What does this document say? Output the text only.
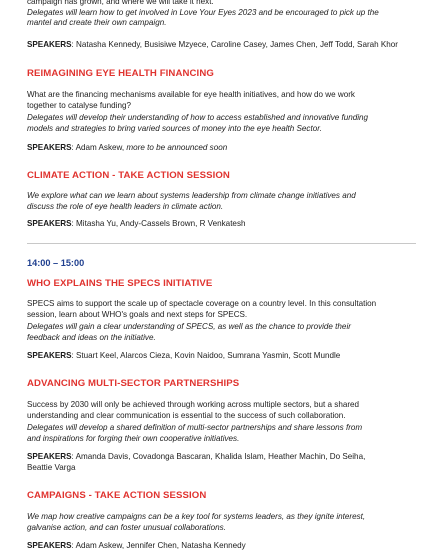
campaign has grown, and where we will take it next.

Delegates will learn how to get involved in Love Your Eyes 2023 and be encouraged to pick up the

mantel and create their own campaign.

SPEAKERS: Natasha Kennedy, Busisiwe Mzyece, Caroline Casey, James Chen, Jeff Todd, Sarah Khor

REIMAGINING EYE HEALTH FINANCING

What are the financing mechanisms available for eye health initiatives, and how do we work

together to catalyse funding?

Delegates will develop their understanding of how to access established and innovative funding

models and strategies to bring varied sources of money into the eye health Sector.

SPEAKERS: Adam Askew, more to be announced soon

CLIMATE ACTION - TAKE ACTION SESSION

We explore what can we learn about systems leadership from climate change initiatives and

discuss the role of eye health leaders in climate action.

SPEAKERS: Mitasha Yu, Andy-Cassels Brown, R Venkatesh

14:00 – 15:00

WHO EXPLAINS THE SPECS INITIATIVE

SPECS aims to support the scale up of spectacle coverage on a country level. In this consultation

session, learn about WHO's goals and next steps for SPECS.

Delegates will gain a clear understanding of SPECS, as well as the chance to provide their

feedback and ideas on the initiative.

SPEAKERS: Stuart Keel, Alarcos Cieza, Kovin Naidoo, Sumrana Yasmin, Scott Mundle

ADVANCING MULTI-SECTOR PARTNERSHIPS

Success by 2030 will only be achieved through working across multiple sectors, but a shared

understanding and clear communication is essential to the success of such collaboration.

Delegates will develop a shared definition of multi-sector partnerships and share lessons from

and inspirations for forging their own cooperative initiatives.

SPEAKERS: Amanda Davis, Covadonga Bascaran, Khalida Islam, Heather Machin, Do Seiha,

Beattie Varga

CAMPAIGNS - TAKE ACTION SESSION

We map how creative campaigns can be a key tool for systems leaders, as they ignite interest,

galvanise action, and can foster unusual collaborations.

SPEAKERS: Adam Askew, Jennifer Chen, Natasha Kennedy
